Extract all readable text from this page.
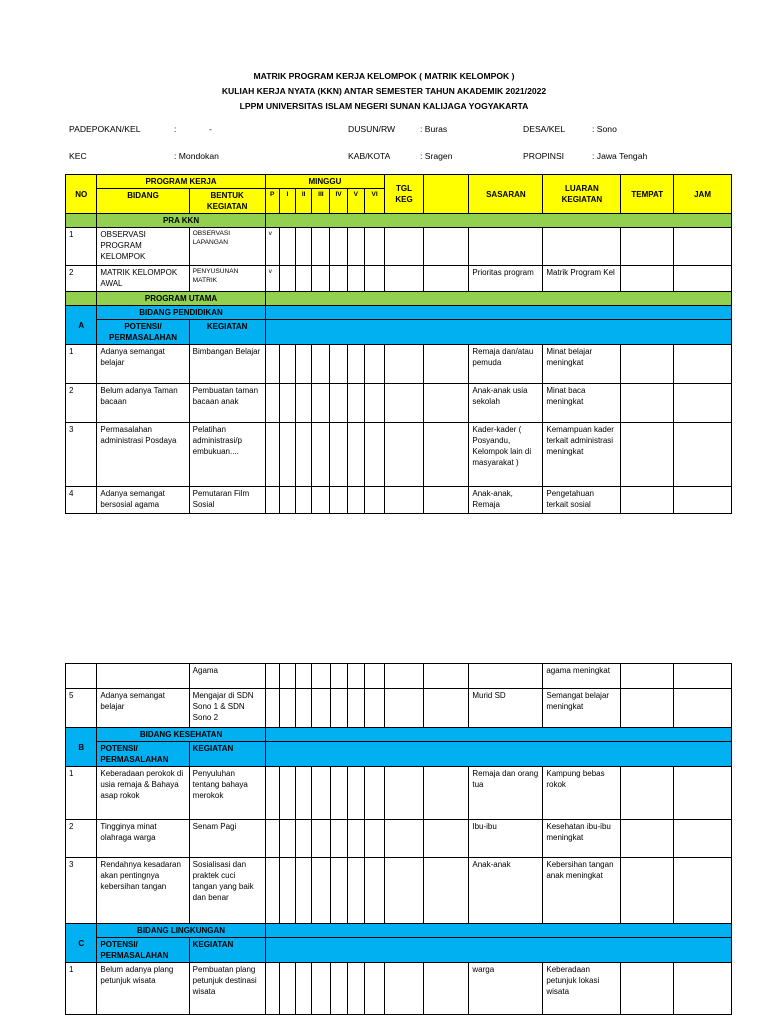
MATRIK PROGRAM KERJA KELOMPOK ( MATRIK KELOMPOK )
KULIAH KERJA NYATA (KKN) ANTAR SEMESTER TAHUN AKADEMIK 2021/2022
LPPM UNIVERSITAS ISLAM NEGERI SUNAN KALIJAGA YOGYAKARTA
PADEPOKAN/KEL	:	-	DUSUN/RW	: Buras	DESA/KEL	: Sono
KEC	: Mondokan	KAB/KOTA	: Sragen	PROPINSI	: Jawa Tengah
NO	PROGRAM KERJA		MINGGU							TGL KEG		SASARAN	LUARAN KEGIATAN	TEMPAT	JAM
	BIDANG	BENTUK KEGIATAN	P	I	II	III	IV	V	VI						
	PRA KKN														
1	OBSERVASI PROGRAM KELOMPOK	OBSERVASI LAPANGAN	v												
2	MATRIK KELOMPOK AWAL	PENYUSUNAN MATRIK	v									Prioritas program	Matrik Program Kel		
	PROGRAM UTAMA														
A	BIDANG PENDIDIKAN														
	POTENSI/ PERMASALAHAN	KEGIATAN													
1	Adanya semangat belajar	Bimbangan Belajar										Remaja dan/atau pemuda	Minat belajar meningkat		
2	Belum adanya Taman bacaan	Pembuatan taman bacaan anak										Anak-anak usia sekolah	Minat baca meningkat		
3	Permasalahan administrasi Posdaya	Pelatihan administrasi/p embukuan....										Kader-kader ( Posyandu, Kelompok lain di masyarakat )	Kemampuan kader terkait administrasi meningkat		
4	Adanya semangat bersosial agama	Pemutaran Film Sosial										Anak-anak, Remaja	Pengetahuan terkait sosial		
		Agama											agama meningkat		
5	Adanya semangat belajar	Mengajar di SDN Sono 1 & SDN Sono 2										Murid SD	Semangat belajar meningkat		
B	BIDANG KESEHATAN														
	POTENSI/ PERMASALAHAN	KEGIATAN													
1	Keberadaan perokok di usia remaja & Bahaya asap rokok	Penyuluhan tentang bahaya merokok										Remaja dan orang tua	Kampung bebas rokok		
2	Tingginya minat olahraga warga	Senam Pagi										Ibu-ibu	Kesehatan ibu-ibu meningkat		
3	Rendahnya kesadaran akan pentingnya kebersihan tangan	Sosialisasi dan praktek cuci tangan yang baik dan benar										Anak-anak	Kebersihan tangan anak meningkat		
C	BIDANG LINGKUNGAN														
	POTENSI/ PERMASALAHAN	KEGIATAN													
1	Belum adanya plang petunjuk wisata	Pembuatan plang petunjuk destinasi wisata										warga	Keberadaan petunjuk lokasi wisata		
